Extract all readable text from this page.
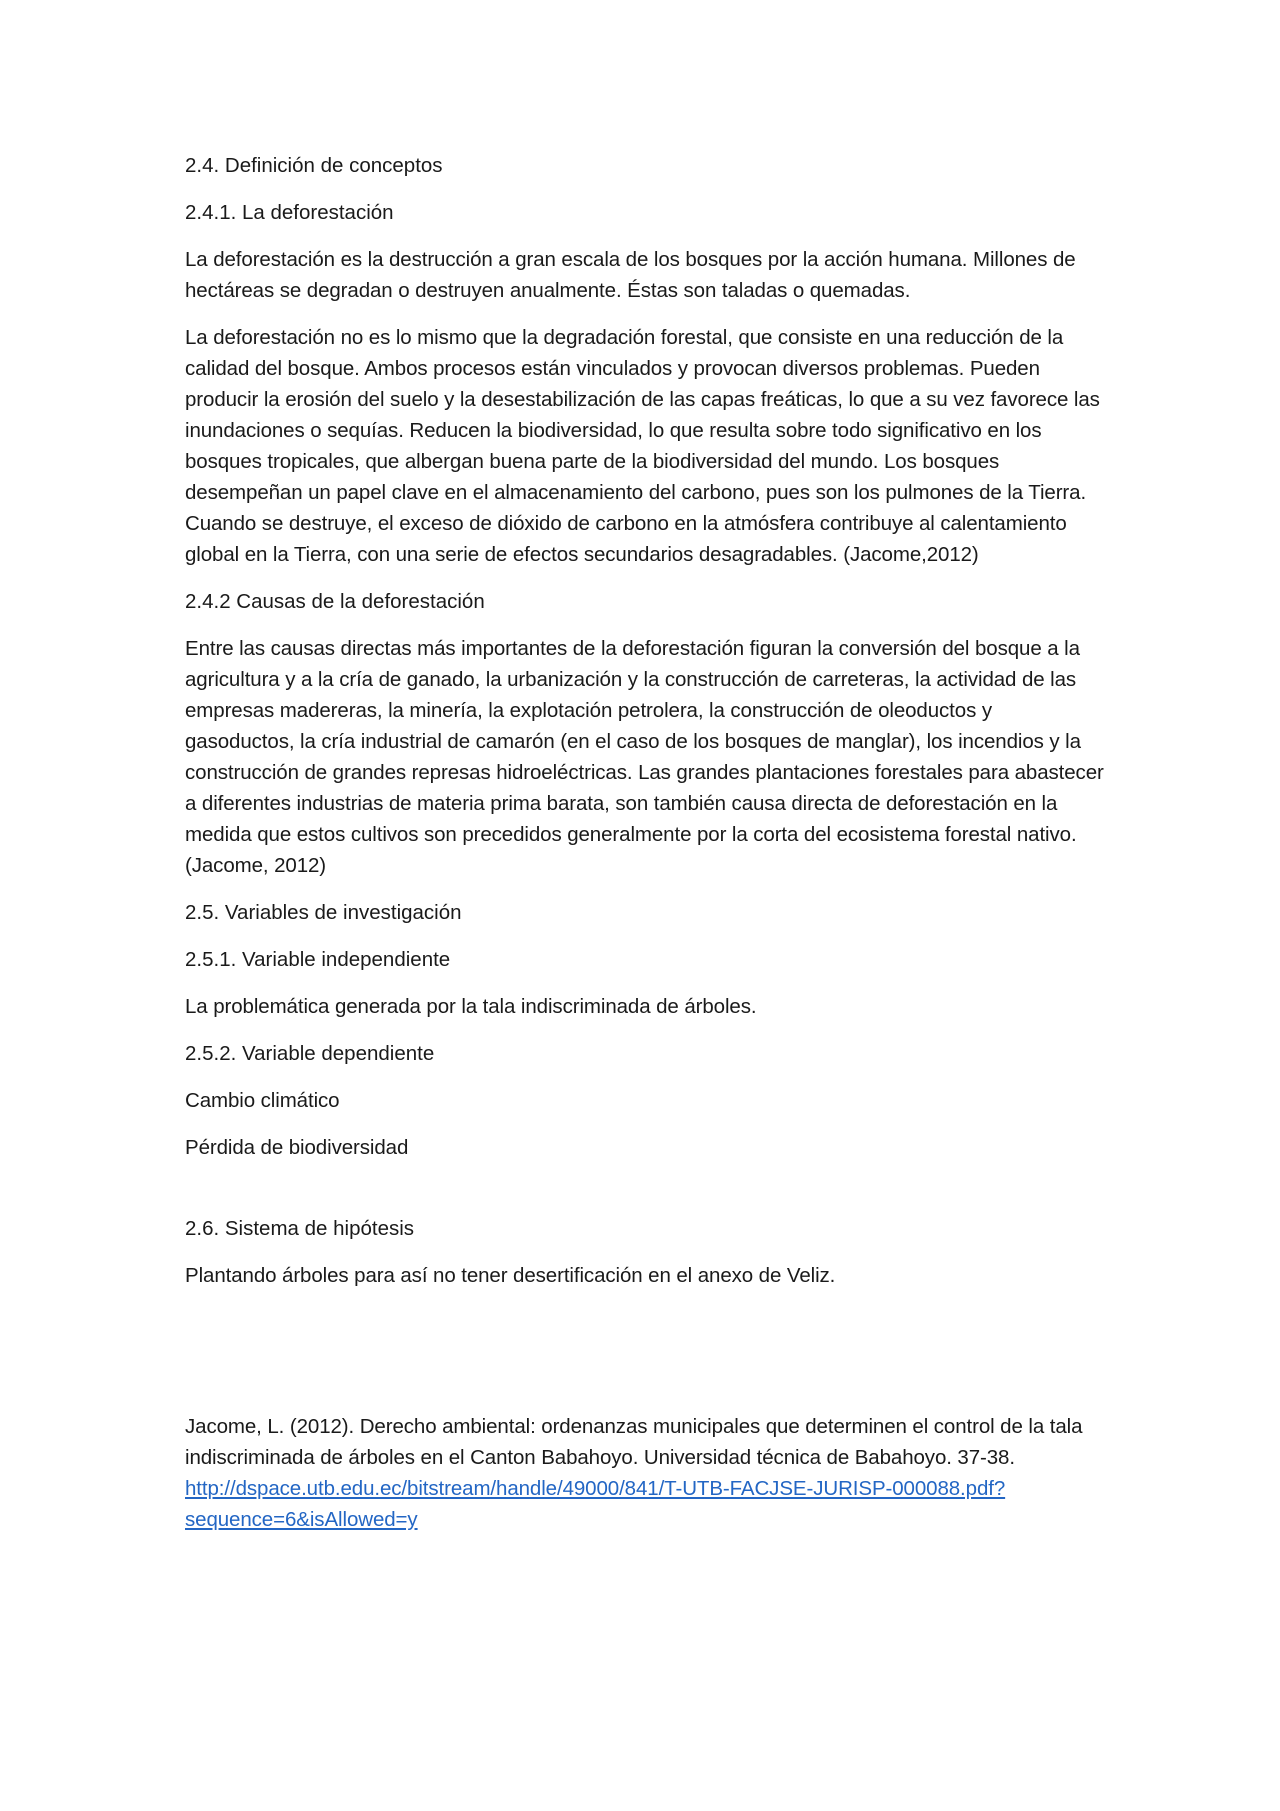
2.4. Definición de conceptos

2.4.1. La deforestación

La deforestación es la destrucción a gran escala de los bosques por la acción humana. Millones de hectáreas se degradan o destruyen anualmente. Éstas son taladas o quemadas.

La deforestación no es lo mismo que la degradación forestal, que consiste en una reducción de la calidad del bosque. Ambos procesos están vinculados y provocan diversos problemas. Pueden producir la erosión del suelo y la desestabilización de las capas freáticas, lo que a su vez favorece las inundaciones o sequías. Reducen la biodiversidad, lo que resulta sobre todo significativo en los bosques tropicales, que albergan buena parte de la biodiversidad del mundo. Los bosques desempeñan un papel clave en el almacenamiento del carbono, pues son los pulmones de la Tierra. Cuando se destruye, el exceso de dióxido de carbono en la atmósfera contribuye al calentamiento global en la Tierra, con una serie de efectos secundarios desagradables. (Jacome,2012)

2.4.2 Causas de la deforestación

Entre las causas directas más importantes de la deforestación figuran la conversión del bosque a la agricultura y a la cría de ganado, la urbanización y la construcción de carreteras, la actividad de las empresas madereras, la minería, la explotación petrolera, la construcción de oleoductos y gasoductos, la cría industrial de camarón (en el caso de los bosques de manglar), los incendios y la construcción de grandes represas hidroeléctricas. Las grandes plantaciones forestales para abastecer a diferentes industrias de materia prima barata, son también causa directa de deforestación en la medida que estos cultivos son precedidos generalmente por la corta del ecosistema forestal nativo. (Jacome, 2012)

2.5. Variables de investigación

2.5.1. Variable independiente

La problemática generada por la tala indiscriminada de árboles.

2.5.2. Variable dependiente

Cambio climático

Pérdida de biodiversidad

2.6. Sistema de hipótesis

Plantando árboles para así no tener desertificación en el anexo de Veliz.

Jacome, L. (2012). Derecho ambiental: ordenanzas municipales que determinen el control de la tala indiscriminada de árboles en el Canton Babahoyo. Universidad técnica de Babahoyo. 37-38. http://dspace.utb.edu.ec/bitstream/handle/49000/841/T-UTB-FACJSE-JURISP-000088.pdf?sequence=6&isAllowed=y
